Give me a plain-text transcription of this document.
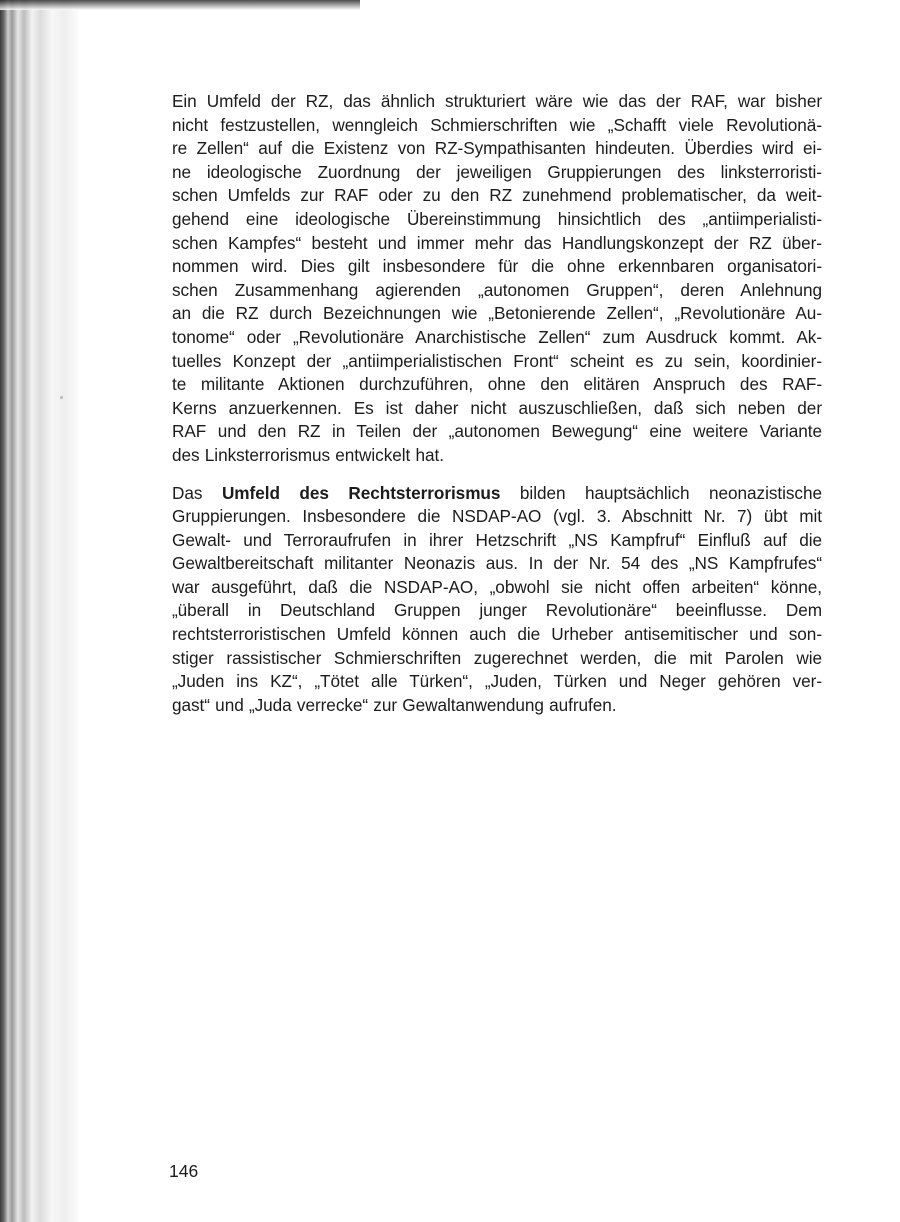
Ein Umfeld der RZ, das ähnlich strukturiert wäre wie das der RAF, war bisher
nicht festzustellen, wenngleich Schmierschriften wie „Schafft viele Revolutionä-
re Zellen“ auf die Existenz von RZ-Sympathisanten hindeuten. Überdies wird ei-
ne ideologische Zuordnung der jeweiligen Gruppierungen des linksterroristi-
schen Umfelds zur RAF oder zu den RZ zunehmend problematischer, da weit-
gehend eine ideologische Übereinstimmung hinsichtlich des „antiimperialisti-
schen Kampfes“ besteht und immer mehr das Handlungskonzept der RZ über-
nommen wird. Dies gilt insbesondere für die ohne erkennbaren organisatori-
schen Zusammenhang agierenden „autonomen Gruppen“, deren Anlehnung
an die RZ durch Bezeichnungen wie „Betonierende Zellen“, „Revolutionäre Au-
tonome“ oder „Revolutionäre Anarchistische Zellen“ zum Ausdruck kommt. Ak-
tuelles Konzept der „antiimperialistischen Front“ scheint es zu sein, koordinier-
te militante Aktionen durchzuführen, ohne den elitären Anspruch des RAF-
Kerns anzuerkennen. Es ist daher nicht auszuschließen, daß sich neben der
RAF und den RZ in Teilen der „autonomen Bewegung“ eine weitere Variante
des Linksterrorismus entwickelt hat.

Das Umfeld des Rechtsterrorismus bilden hauptsächlich neonazistische
Gruppierungen. Insbesondere die NSDAP-AO (vgl. 3. Abschnitt Nr. 7) übt mit
Gewalt- und Terroraufrufen in ihrer Hetzschrift „NS Kampfruf“ Einfluß auf die
Gewaltbereitschaft militanter Neonazis aus. In der Nr. 54 des „NS Kampfrufes“
war ausgeführt, daß die NSDAP-AO, „obwohl sie nicht offen arbeiten“ könne,
„überall in Deutschland Gruppen junger Revolutionäre“ beeinflusse. Dem
rechtsterroristischen Umfeld können auch die Urheber antisemitischer und son-
stiger rassistischer Schmierschriften zugerechnet werden, die mit Parolen wie
„Juden ins KZ“, „Tötet alle Türken“, „Juden, Türken und Neger gehören ver-
gast“ und „Juda verrecke“ zur Gewaltanwendung aufrufen.

146
